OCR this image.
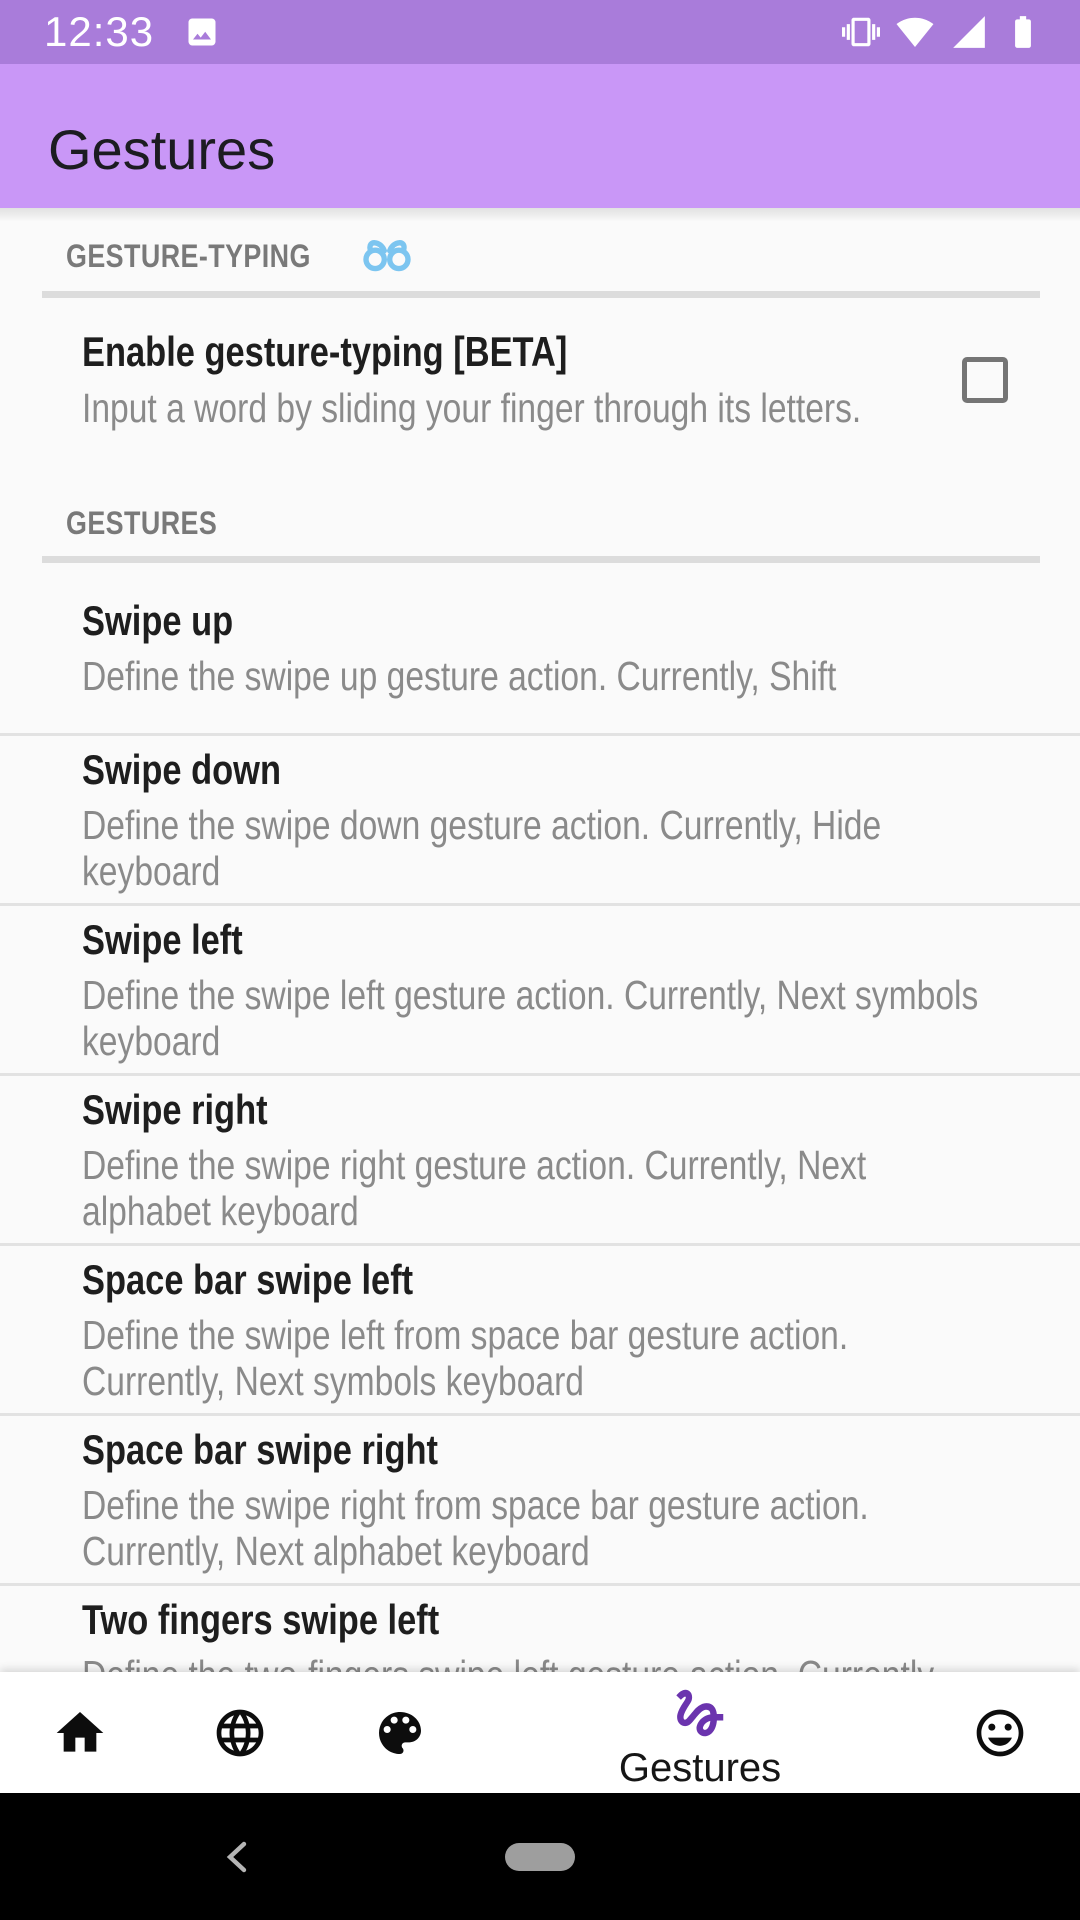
12:33
Gestures
GESTURE-TYPING
Enable gesture-typing [BETA]
Input a word by sliding your finger through its letters.
GESTURES
Swipe up
Define the swipe up gesture action. Currently, Shift
Swipe down
Define the swipe down gesture action. Currently, Hide keyboard
Swipe left
Define the swipe left gesture action. Currently, Next symbols keyboard
Swipe right
Define the swipe right gesture action. Currently, Next alphabet keyboard
Space bar swipe left
Define the swipe left from space bar gesture action. Currently, Next symbols keyboard
Space bar swipe right
Define the swipe right from space bar gesture action. Currently, Next alphabet keyboard
Two fingers swipe left
Gestures
